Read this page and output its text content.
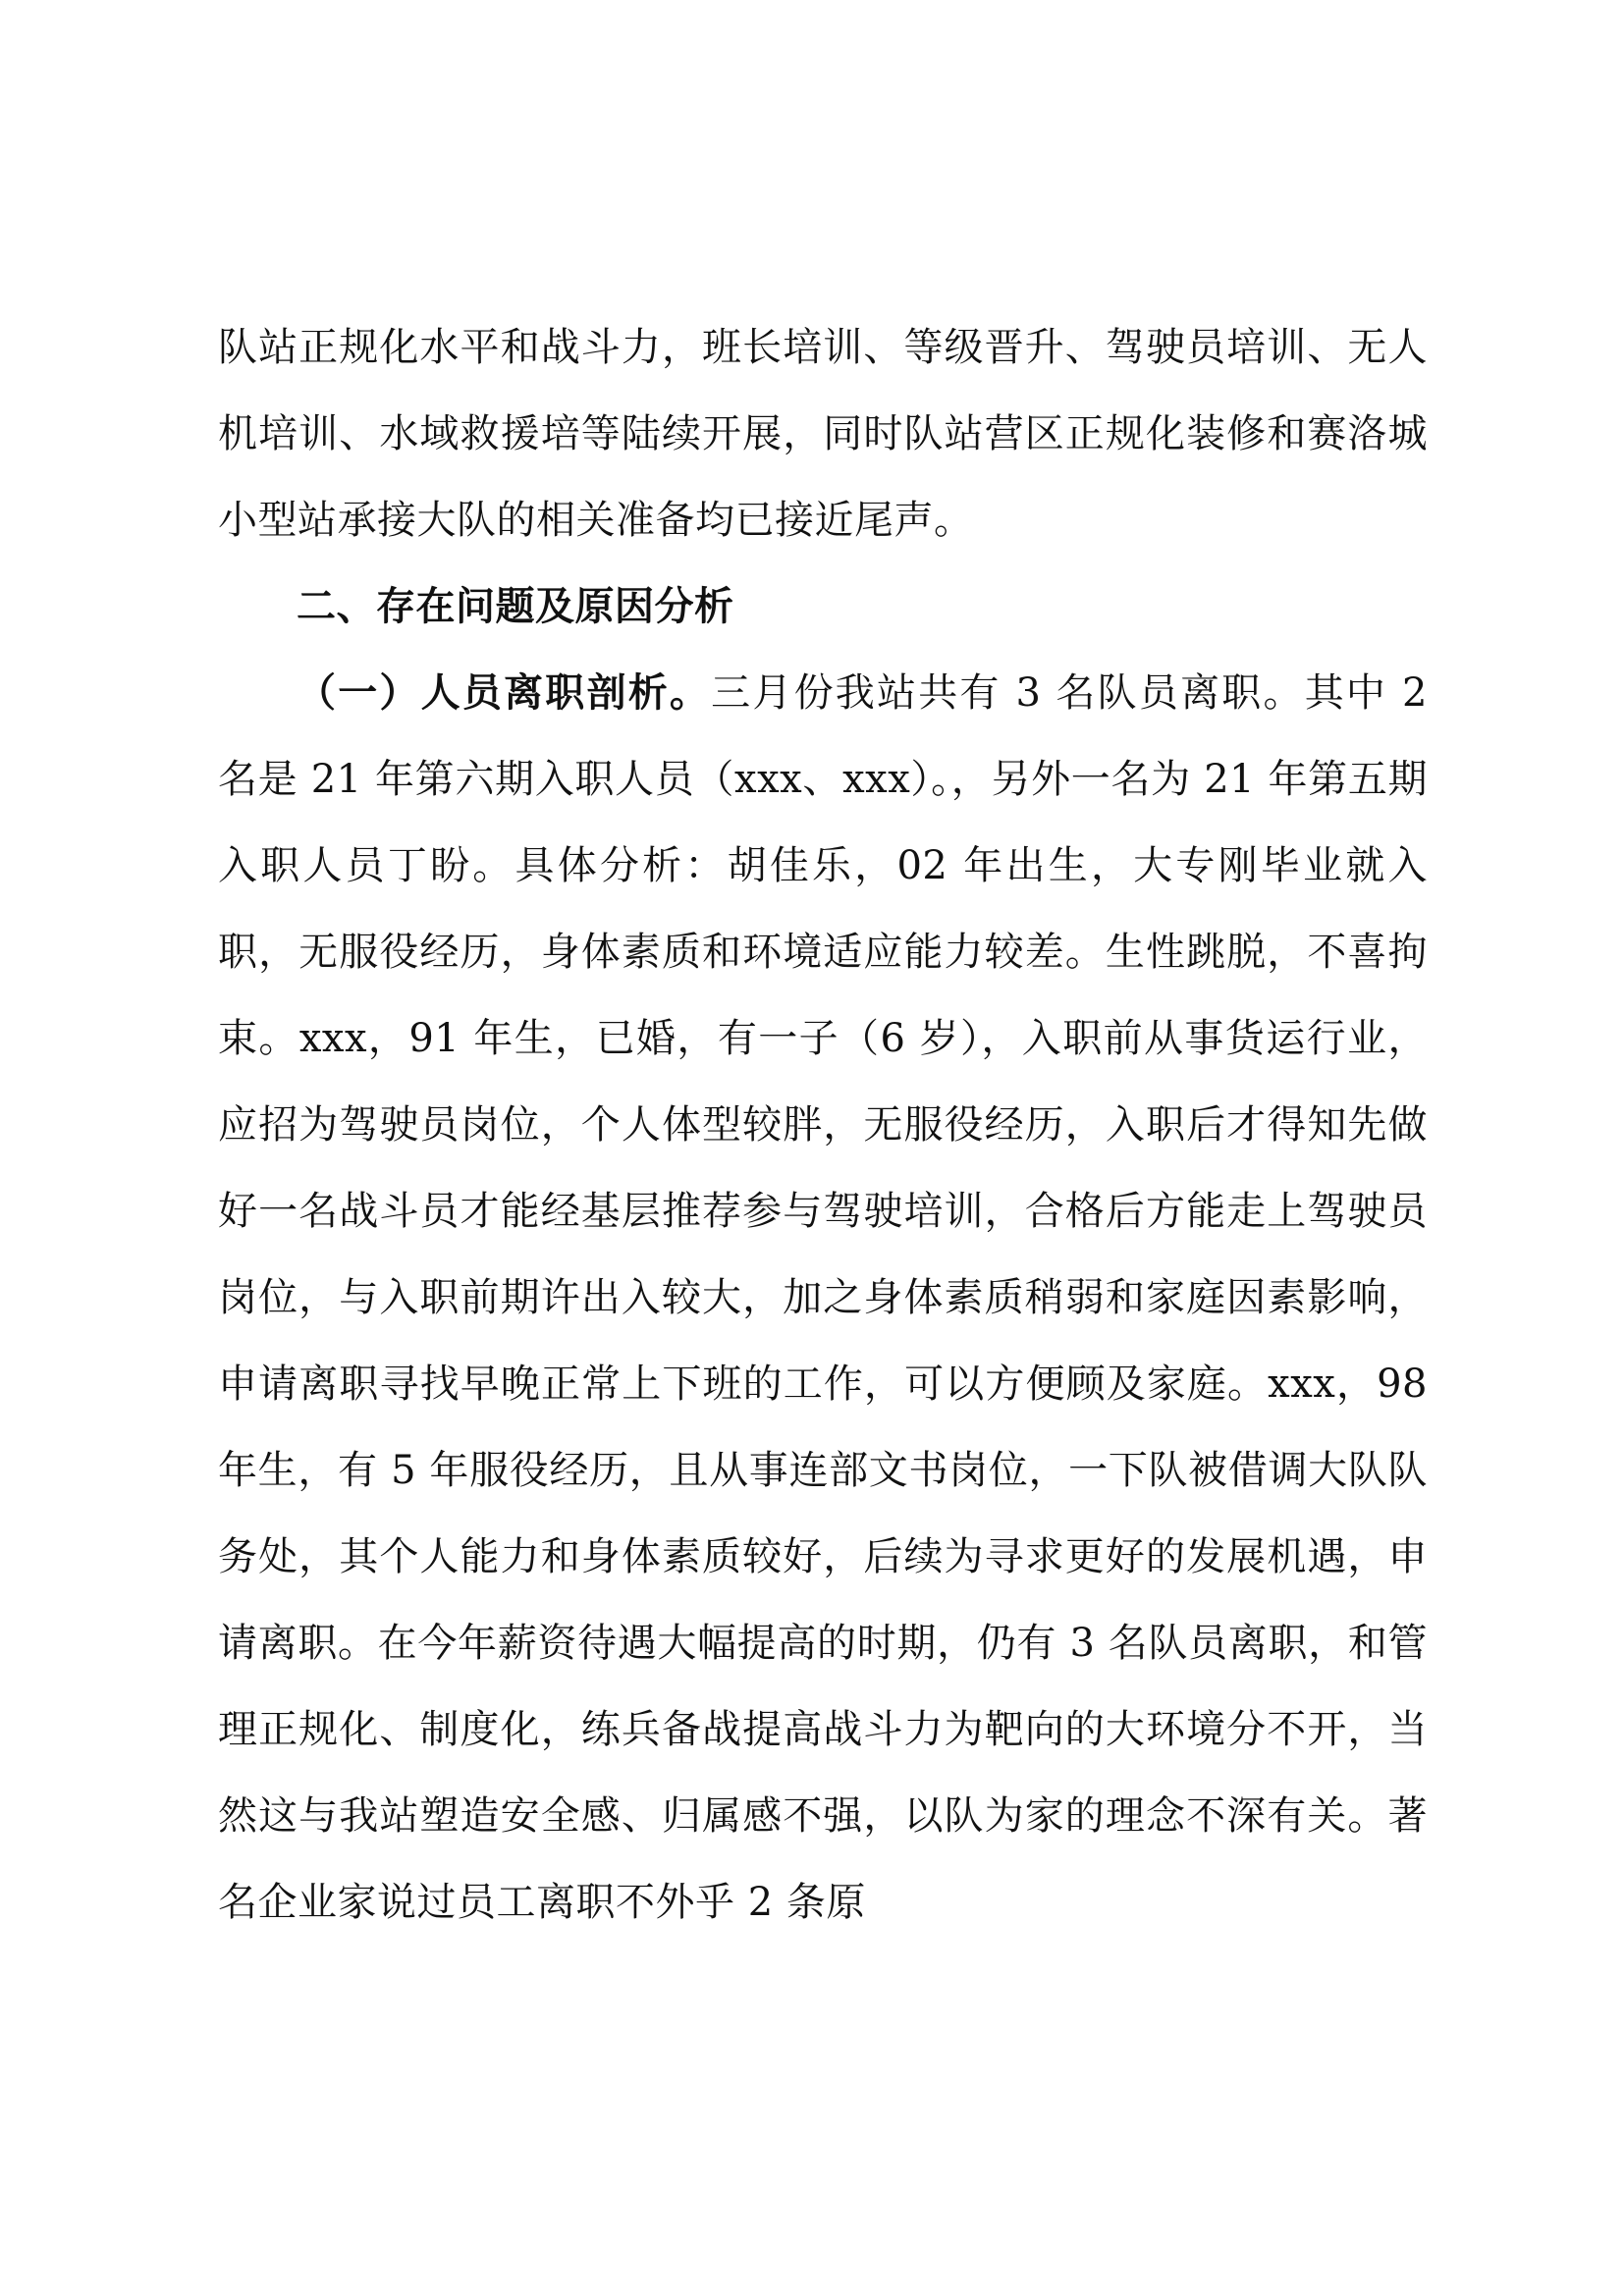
队站正规化水平和战斗力，班长培训、等级晋升、驾驶员培训、无人机培训、水域救援培等陆续开展，同时队站营区正规化装修和赛洛城小型站承接大队的相关准备均已接近尾声。

二、存在问题及原因分析

（一）人员离职剖析。三月份我站共有 3 名队员离职。其中 2 名是 21 年第六期入职人员（xxx、xxx）。，另外一名为 21 年第五期入职人员丁盼。具体分析：胡佳乐，02 年出生，大专刚毕业就入职，无服役经历，身体素质和环境适应能力较差。生性跳脱，不喜拘束。xxx，91 年生，已婚，有一子（6 岁），入职前从事货运行业，应招为驾驶员岗位，个人体型较胖，无服役经历，入职后才得知先做好一名战斗员才能经基层推荐参与驾驶培训，合格后方能走上驾驶员岗位，与入职前期许出入较大，加之身体素质稍弱和家庭因素影响，申请离职寻找早晚正常上下班的工作，可以方便顾及家庭。xxx，98 年生，有 5 年服役经历，且从事连部文书岗位，一下队被借调大队队务处，其个人能力和身体素质较好，后续为寻求更好的发展机遇，申请离职。在今年薪资待遇大幅提高的时期，仍有 3 名队员离职，和管理正规化、制度化，练兵备战提高战斗力为靶向的大环境分不开，当然这与我站塑造安全感、归属感不强，以队为家的理念不深有关。著名企业家说过员工离职不外乎 2 条原
